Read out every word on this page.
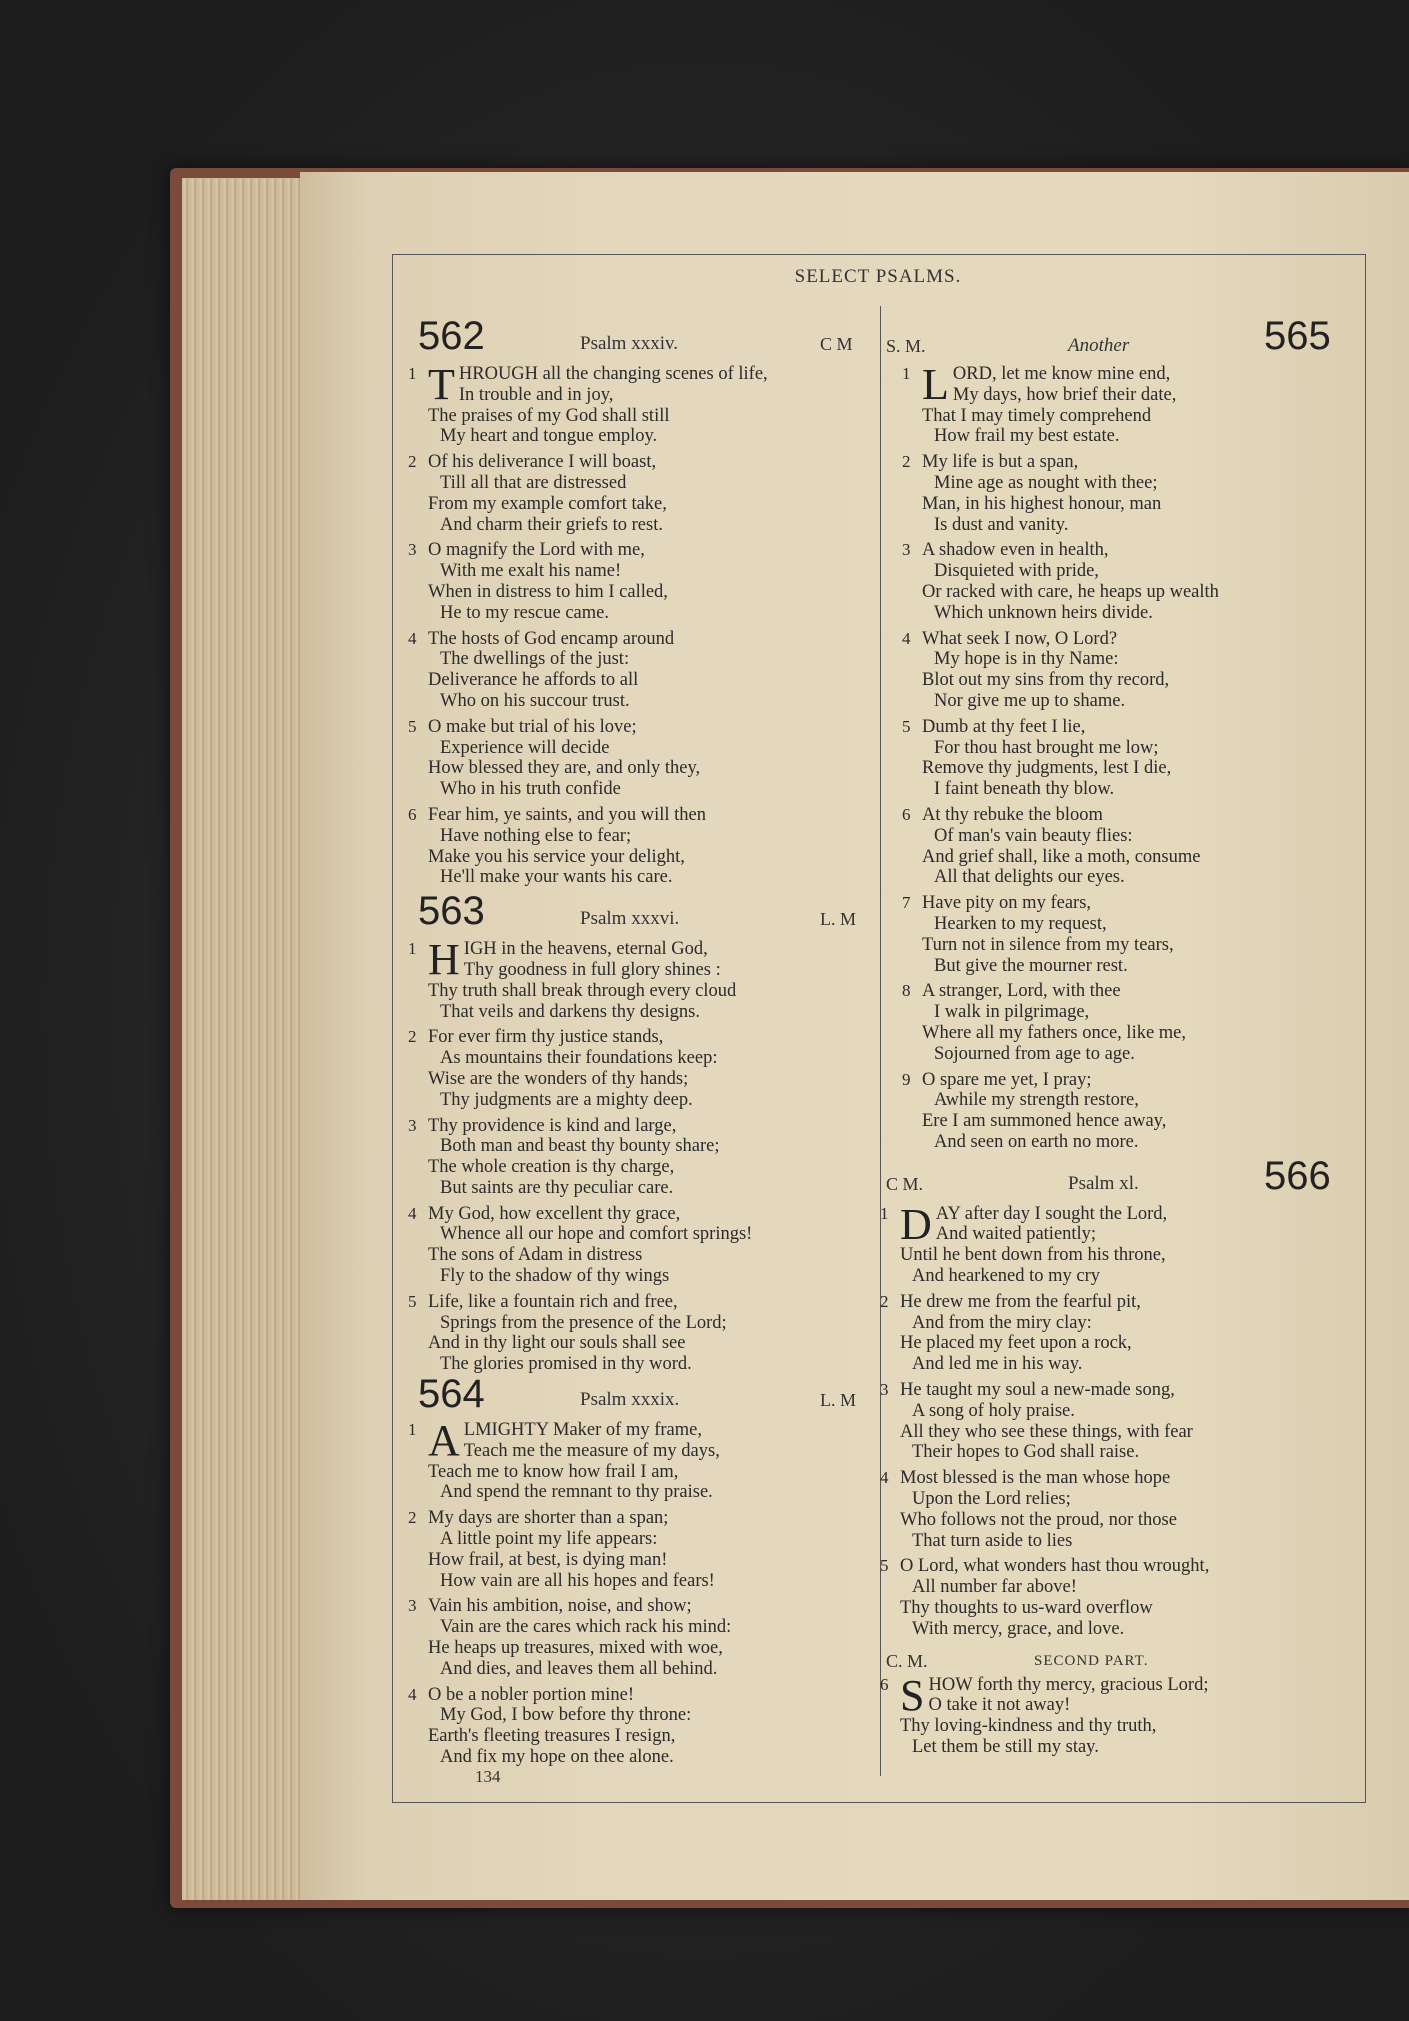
SELECT PSALMS.
562	Psalm xxxiv.	C M
1 T HROUGH all the changing scenes of life,
In trouble and in joy,
The praises of my God shall still
My heart and tongue employ.
2 Of his deliverance I will boast,
Till all that are distressed
From my example comfort take,
And charm their griefs to rest.
3 O magnify the Lord with me,
With me exalt his name!
When in distress to him I called,
He to my rescue came.
4 The hosts of God encamp around
The dwellings of the just:
Deliverance he affords to all
Who on his succour trust.
5 O make but trial of his love;
Experience will decide
How blessed they are, and only they,
Who in his truth confide
6 Fear him, ye saints, and you will then
Have nothing else to fear;
Make you his service your delight,
He'll make your wants his care.
563	Psalm xxxvi.	L. M
1 H IGH in the heavens, eternal God,
Thy goodness in full glory shines :
Thy truth shall break through every cloud
That veils and darkens thy designs.
2 For ever firm thy justice stands,
As mountains their foundations keep:
Wise are the wonders of thy hands;
Thy judgments are a mighty deep.
3 Thy providence is kind and large,
Both man and beast thy bounty share;
The whole creation is thy charge,
But saints are thy peculiar care.
4 My God, how excellent thy grace,
Whence all our hope and comfort springs!
The sons of Adam in distress
Fly to the shadow of thy wings
5 Life, like a fountain rich and free,
Springs from the presence of the Lord;
And in thy light our souls shall see
The glories promised in thy word.
564	Psalm xxxix.	L. M
1 A LMIGHTY Maker of my frame,
Teach me the measure of my days,
Teach me to know how frail I am,
And spend the remnant to thy praise.
2 My days are shorter than a span;
A little point my life appears:
How frail, at best, is dying man!
How vain are all his hopes and fears!
3 Vain his ambition, noise, and show;
Vain are the cares which rack his mind:
He heaps up treasures, mixed with woe,
And dies, and leaves them all behind.
4 O be a nobler portion mine!
My God, I bow before thy throne:
Earth's fleeting treasures I resign,
And fix my hope on thee alone.
S. M.	Another	565
1 L ORD, let me know mine end,
My days, how brief their date,
That I may timely comprehend
How frail my best estate.
2 My life is but a span,
Mine age as nought with thee;
Man, in his highest honour, man
Is dust and vanity.
3 A shadow even in health,
Disquieted with pride,
Or racked with care, he heaps up wealth
Which unknown heirs divide.
4 What seek I now, O Lord?
My hope is in thy Name:
Blot out my sins from thy record,
Nor give me up to shame.
5 Dumb at thy feet I lie,
For thou hast brought me low;
Remove thy judgments, lest I die,
I faint beneath thy blow.
6 At thy rebuke the bloom
Of man's vain beauty flies:
And grief shall, like a moth, consume
All that delights our eyes.
7 Have pity on my fears,
Hearken to my request,
Turn not in silence from my tears,
But give the mourner rest.
8 A stranger, Lord, with thee
I walk in pilgrimage,
Where all my fathers once, like me,
Sojourned from age to age.
9 O spare me yet, I pray;
Awhile my strength restore,
Ere I am summoned hence away,
And seen on earth no more.
C M.	Psalm xl.	566
1 D AY after day I sought the Lord,
And waited patiently;
Until he bent down from his throne,
And hearkened to my cry
2 He drew me from the fearful pit,
And from the miry clay:
He placed my feet upon a rock,
And led me in his way.
3 He taught my soul a new-made song,
A song of holy praise.
All they who see these things, with fear
Their hopes to God shall raise.
4 Most blessed is the man whose hope
Upon the Lord relies;
Who follows not the proud, nor those
That turn aside to lies
5 O Lord, what wonders hast thou wrought,
All number far above!
Thy thoughts to us-ward overflow
With mercy, grace, and love.
C. M.	SECOND PART.
6 S HOW forth thy mercy, gracious Lord;
O take it not away!
Thy loving-kindness and thy truth,
Let them be still my stay.
134
